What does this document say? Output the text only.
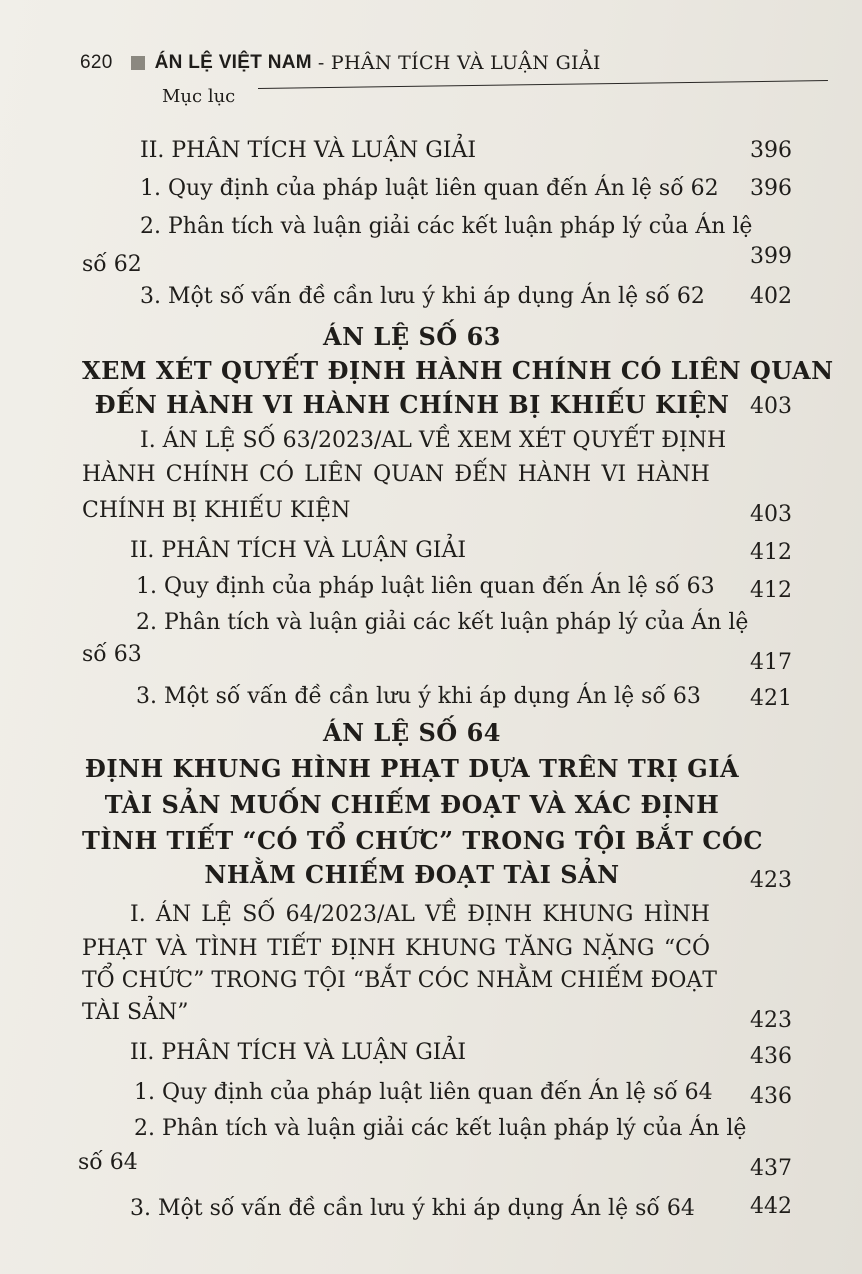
620 ÁN LỆ VIỆT NAM - PHÂN TÍCH VÀ LUẬN GIẢI
Mục lục
II. PHÂN TÍCH VÀ LUẬN GIẢI	396
1. Quy định của pháp luật liên quan đến Án lệ số 62	396
2. Phân tích và luận giải các kết luận pháp lý của Án lệ
số 62	399
3. Một số vấn đề cần lưu ý khi áp dụng Án lệ số 62	402
ÁN LỆ SỐ 63
XEM XÉT QUYẾT ĐỊNH HÀNH CHÍNH CÓ LIÊN QUAN
ĐẾN HÀNH VI HÀNH CHÍNH BỊ KHIẾU KIỆN 403
I. ÁN LỆ SỐ 63/2023/AL VỀ XEM XÉT QUYẾT ĐỊNH
HÀNH CHÍNH CÓ LIÊN QUAN ĐẾN HÀNH VI HÀNH
CHÍNH BỊ KHIẾU KIỆN	403
II. PHÂN TÍCH VÀ LUẬN GIẢI	412
1. Quy định của pháp luật liên quan đến Án lệ số 63	412
2. Phân tích và luận giải các kết luận pháp lý của Án lệ
số 63	417
3. Một số vấn đề cần lưu ý khi áp dụng Án lệ số 63	421
ÁN LỆ SỐ 64
ĐỊNH KHUNG HÌNH PHẠT DỰA TRÊN TRỊ GIÁ
TÀI SẢN MUỐN CHIẾM ĐOẠT VÀ XÁC ĐỊNH
TÌNH TIẾT “CÓ TỔ CHỨC” TRONG TỘI BẮT CÓC
NHẰM CHIẾM ĐOẠT TÀI SẢN	423
I. ÁN LỆ SỐ 64/2023/AL VỀ ĐỊNH KHUNG HÌNH
PHẠT VÀ TÌNH TIẾT ĐỊNH KHUNG TĂNG NẶNG “CÓ
TỔ CHỨC” TRONG TỘI “BẮT CÓC NHẰM CHIẾM ĐOẠT
TÀI SẢN”	423
II. PHÂN TÍCH VÀ LUẬN GIẢI	436
1. Quy định của pháp luật liên quan đến Án lệ số 64	436
2. Phân tích và luận giải các kết luận pháp lý của Án lệ
số 64	437
3. Một số vấn đề cần lưu ý khi áp dụng Án lệ số 64	442
